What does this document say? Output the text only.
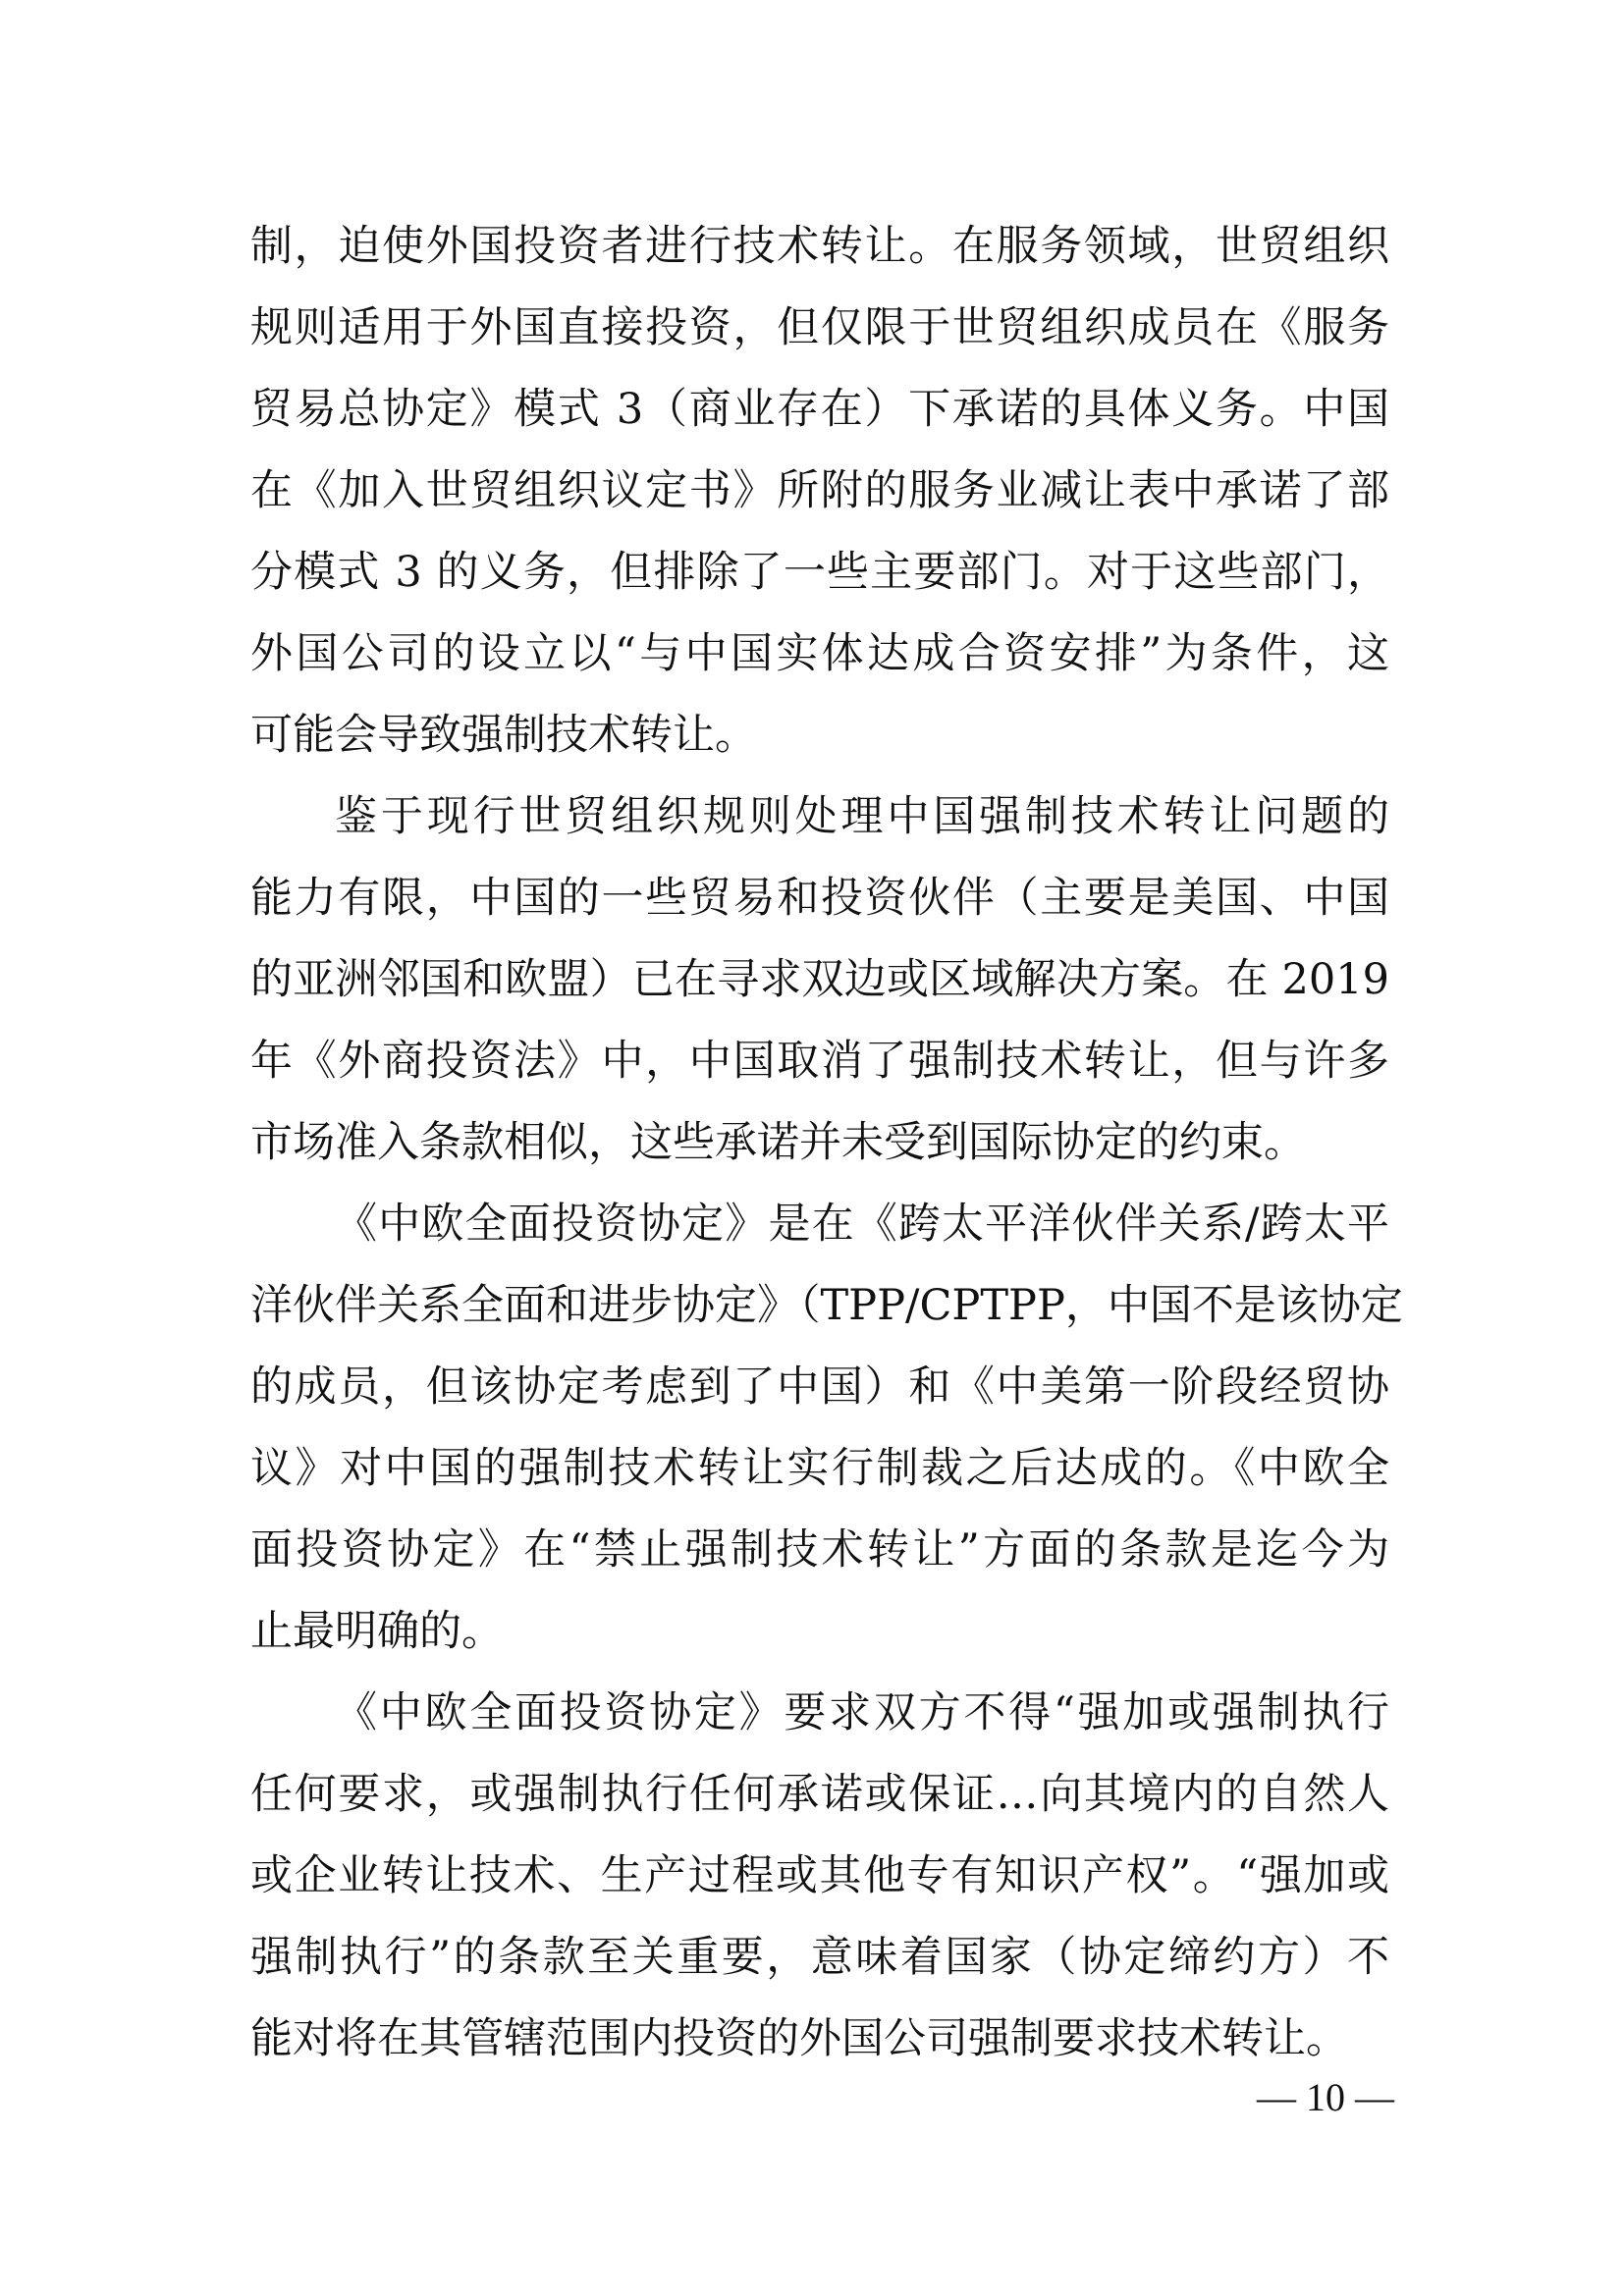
制，迫使外国投资者进行技术转让。在服务领域，世贸组织
规则适用于外国直接投资，但仅限于世贸组织成员在《服务
贸易总协定》模式 3（商业存在）下承诺的具体义务。中国
在《加入世贸组织议定书》所附的服务业减让表中承诺了部
分模式 3 的义务，但排除了一些主要部门。对于这些部门，
外国公司的设立以“与中国实体达成合资安排”为条件，这
可能会导致强制技术转让。
鉴于现行世贸组织规则处理中国强制技术转让问题的
能力有限，中国的一些贸易和投资伙伴（主要是美国、中国
的亚洲邻国和欧盟）已在寻求双边或区域解决方案。在 2019
年《外商投资法》中，中国取消了强制技术转让，但与许多
市场准入条款相似，这些承诺并未受到国际协定的约束。
《中欧全面投资协定》是在《跨太平洋伙伴关系/跨太平
洋伙伴关系全面和进步协定》（TPP/CPTPP，中国不是该协定
的成员，但该协定考虑到了中国）和《中美第一阶段经贸协
议》对中国的强制技术转让实行制裁之后达成的。《中欧全
面投资协定》在“禁止强制技术转让”方面的条款是迄今为
止最明确的。
《中欧全面投资协定》要求双方不得“强加或强制执行
任何要求，或强制执行任何承诺或保证…向其境内的自然人
或企业转让技术、生产过程或其他专有知识产权”。“强加或
强制执行”的条款至关重要，意味着国家（协定缔约方）不
能对将在其管辖范围内投资的外国公司强制要求技术转让。
— 10 —
